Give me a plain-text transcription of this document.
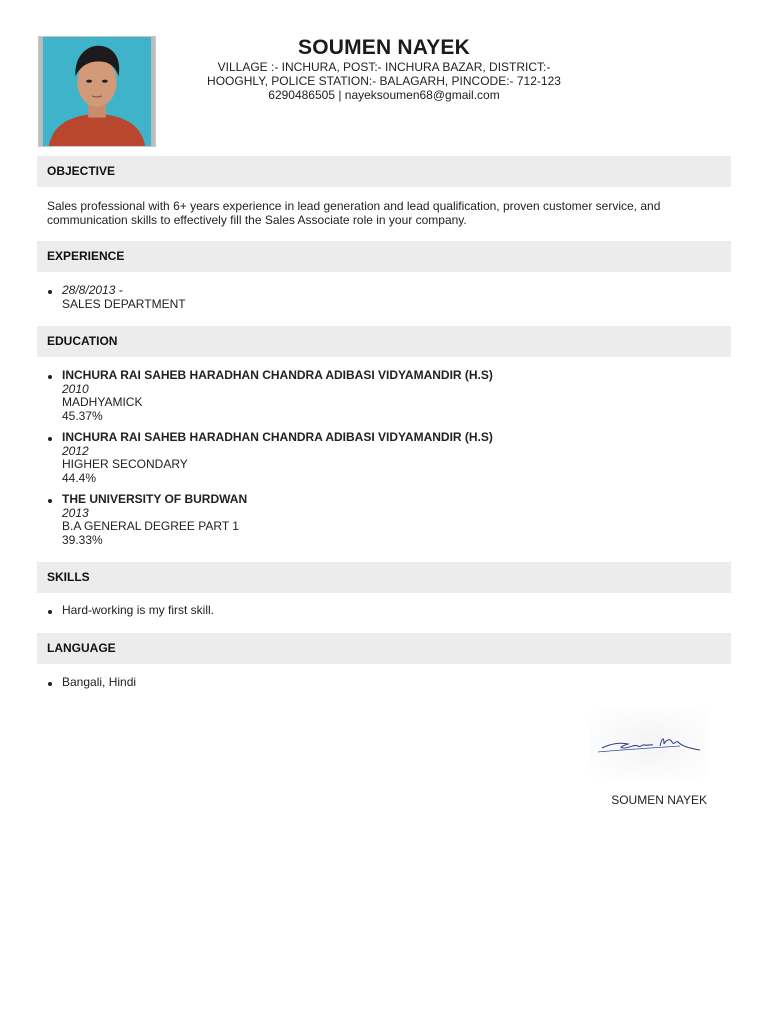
SOUMEN NAYEK
VILLAGE :- INCHURA, POST:- INCHURA BAZAR, DISTRICT:-
HOOGHLY, POLICE STATION:- BALAGARH, PINCODE:- 712-123
6290486505 | nayeksoumen68@gmail.com
OBJECTIVE
Sales professional with 6+ years experience in lead generation and lead qualification, proven customer service, and communication skills to effectively fill the Sales Associate role in your company.
EXPERIENCE
28/8/2013 -
SALES DEPARTMENT
EDUCATION
INCHURA RAI SAHEB HARADHAN CHANDRA ADIBASI VIDYAMANDIR (H.S)
2010
MADHYAMICK
45.37%
INCHURA RAI SAHEB HARADHAN CHANDRA ADIBASI VIDYAMANDIR (H.S)
2012
HIGHER SECONDARY
44.4%
THE UNIVERSITY OF BURDWAN
2013
B.A GENERAL DEGREE PART 1
39.33%
SKILLS
Hard-working is my first skill.
LANGUAGE
Bangali, Hindi
SOUMEN NAYEK
